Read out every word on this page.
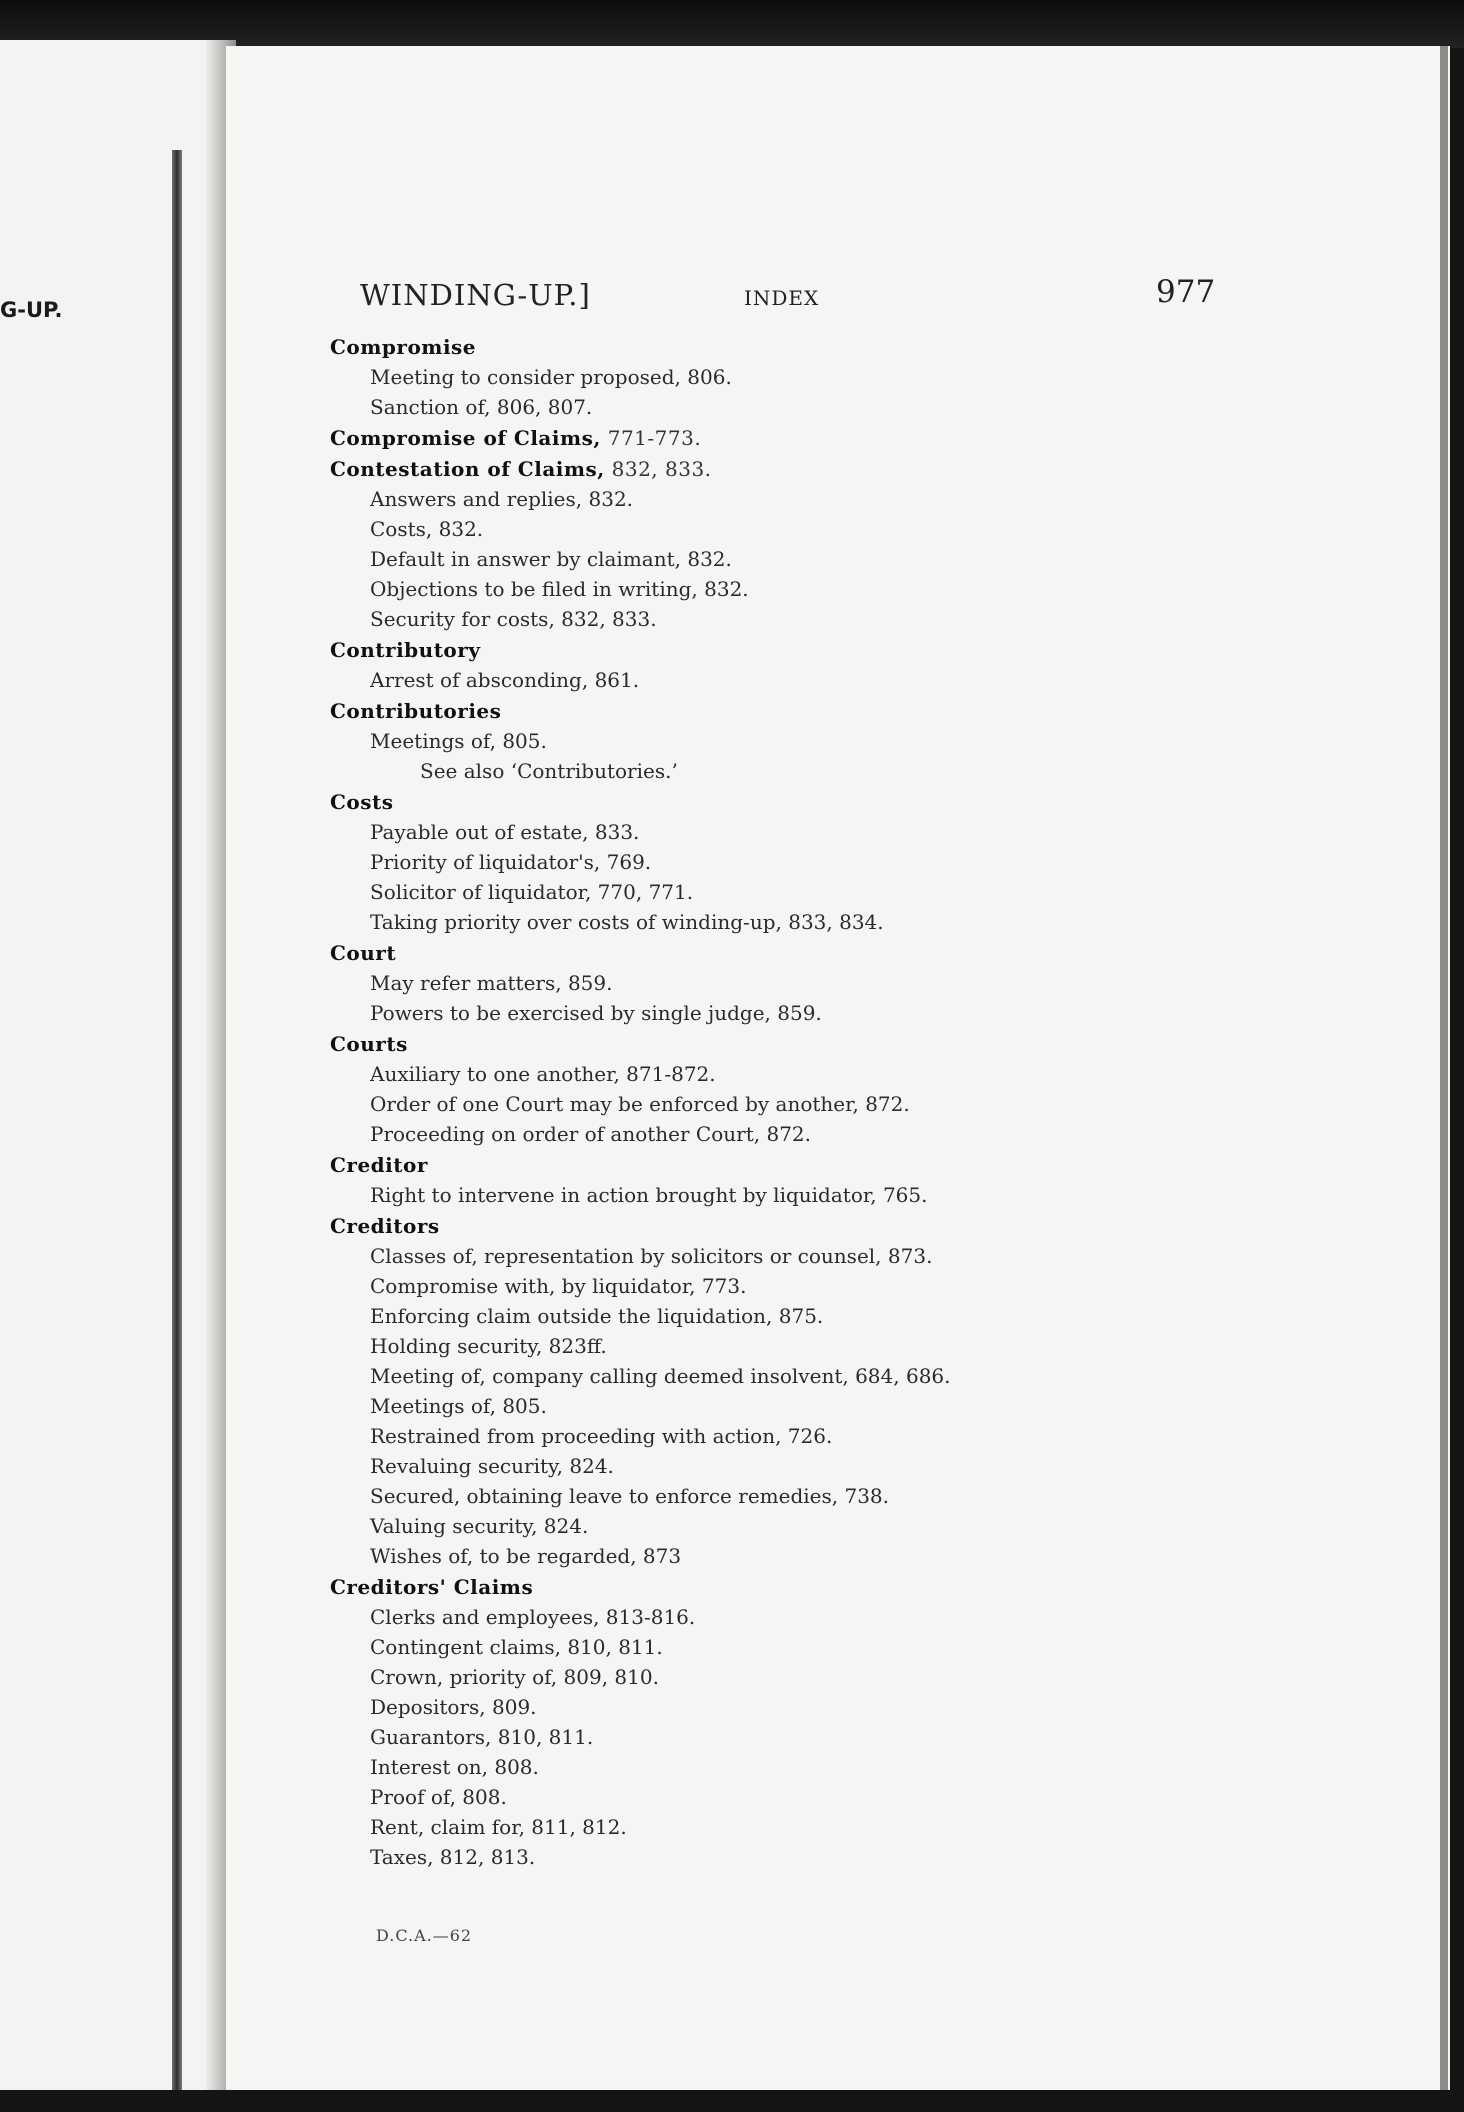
G-UP.	WINDING-UP.]	INDEX	977
Compromise
Meeting to consider proposed, 806.
Sanction of, 806, 807.
Compromise of Claims, 771-773.
Contestation of Claims, 832, 833.
Answers and replies, 832.
Costs, 832.
Default in answer by claimant, 832.
Objections to be filed in writing, 832.
Security for costs, 832, 833.
Contributory
Arrest of absconding, 861.
Contributories
Meetings of, 805.
See also ‘Contributories.’
Costs
Payable out of estate, 833.
Priority of liquidator's, 769.
Solicitor of liquidator, 770, 771.
Taking priority over costs of winding-up, 833, 834.
Court
May refer matters, 859.
Powers to be exercised by single judge, 859.
Courts
Auxiliary to one another, 871-872.
Order of one Court may be enforced by another, 872.
Proceeding on order of another Court, 872.
Creditor
Right to intervene in action brought by liquidator, 765.
Creditors
Classes of, representation by solicitors or counsel, 873.
Compromise with, by liquidator, 773.
Enforcing claim outside the liquidation, 875.
Holding security, 823ff.
Meeting of, company calling deemed insolvent, 684, 686.
Meetings of, 805.
Restrained from proceeding with action, 726.
Revaluing security, 824.
Secured, obtaining leave to enforce remedies, 738.
Valuing security, 824.
Wishes of, to be regarded, 873
Creditors' Claims
Clerks and employees, 813-816.
Contingent claims, 810, 811.
Crown, priority of, 809, 810.
Depositors, 809.
Guarantors, 810, 811.
Interest on, 808.
Proof of, 808.
Rent, claim for, 811, 812.
Taxes, 812, 813.
D.C.A.—62
